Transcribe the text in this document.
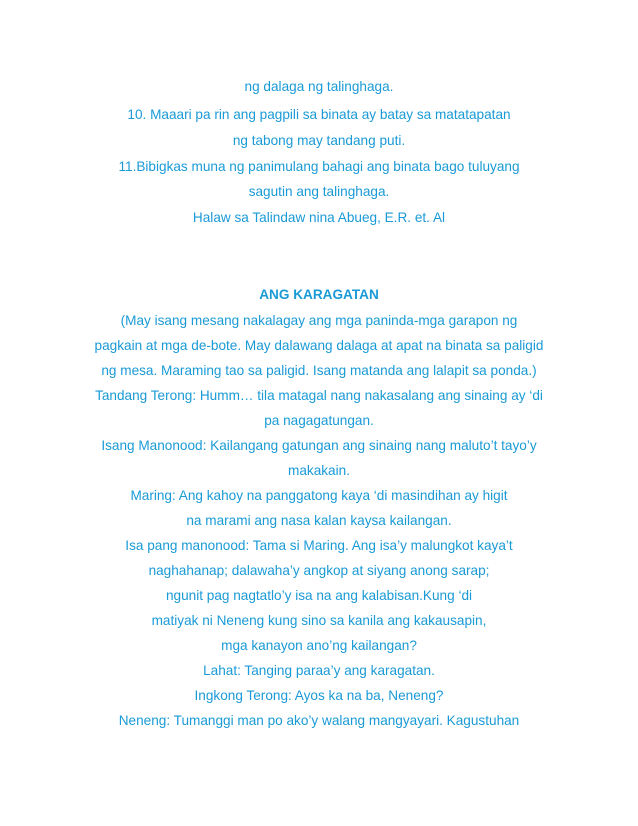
ng dalaga ng talinghaga.
10. Maaari pa rin ang pagpili sa binata ay batay sa matatapatan
ng tabong may tandang puti.
11.Bibigkas muna ng panimulang bahagi ang binata bago tuluyang
sagutin ang talinghaga.
Halaw sa Talindaw nina Abueg, E.R. et. Al
ANG KARAGATAN
(May isang mesang nakalagay ang mga paninda-mga garapon ng
pagkain at mga de-bote. May dalawang dalaga at apat na binata sa paligid
ng mesa. Maraming tao sa paligid. Isang matanda ang lalapit sa ponda.)
Tandang Terong: Humm… tila matagal nang nakasalang ang sinaing ay ‘di
pa nagagatungan.
Isang Manonood: Kailangang gatungan ang sinaing nang maluto’t tayo’y
makakain.
Maring: Ang kahoy na panggatong kaya ‘di masindihan ay higit
na marami ang nasa kalan kaysa kailangan.
Isa pang manonood: Tama si Maring. Ang isa’y malungkot kaya’t
naghahanap; dalawaha’y angkop at siyang anong sarap;
ngunit pag nagtatlo’y isa na ang kalabisan.Kung ‘di
matiyak ni Neneng kung sino sa kanila ang kakausapin,
mga kanayon ano’ng kailangan?
Lahat: Tanging paraa’y ang karagatan.
Ingkong Terong: Ayos ka na ba, Neneng?
Neneng: Tumanggi man po ako’y walang mangyayari. Kagustuhan
